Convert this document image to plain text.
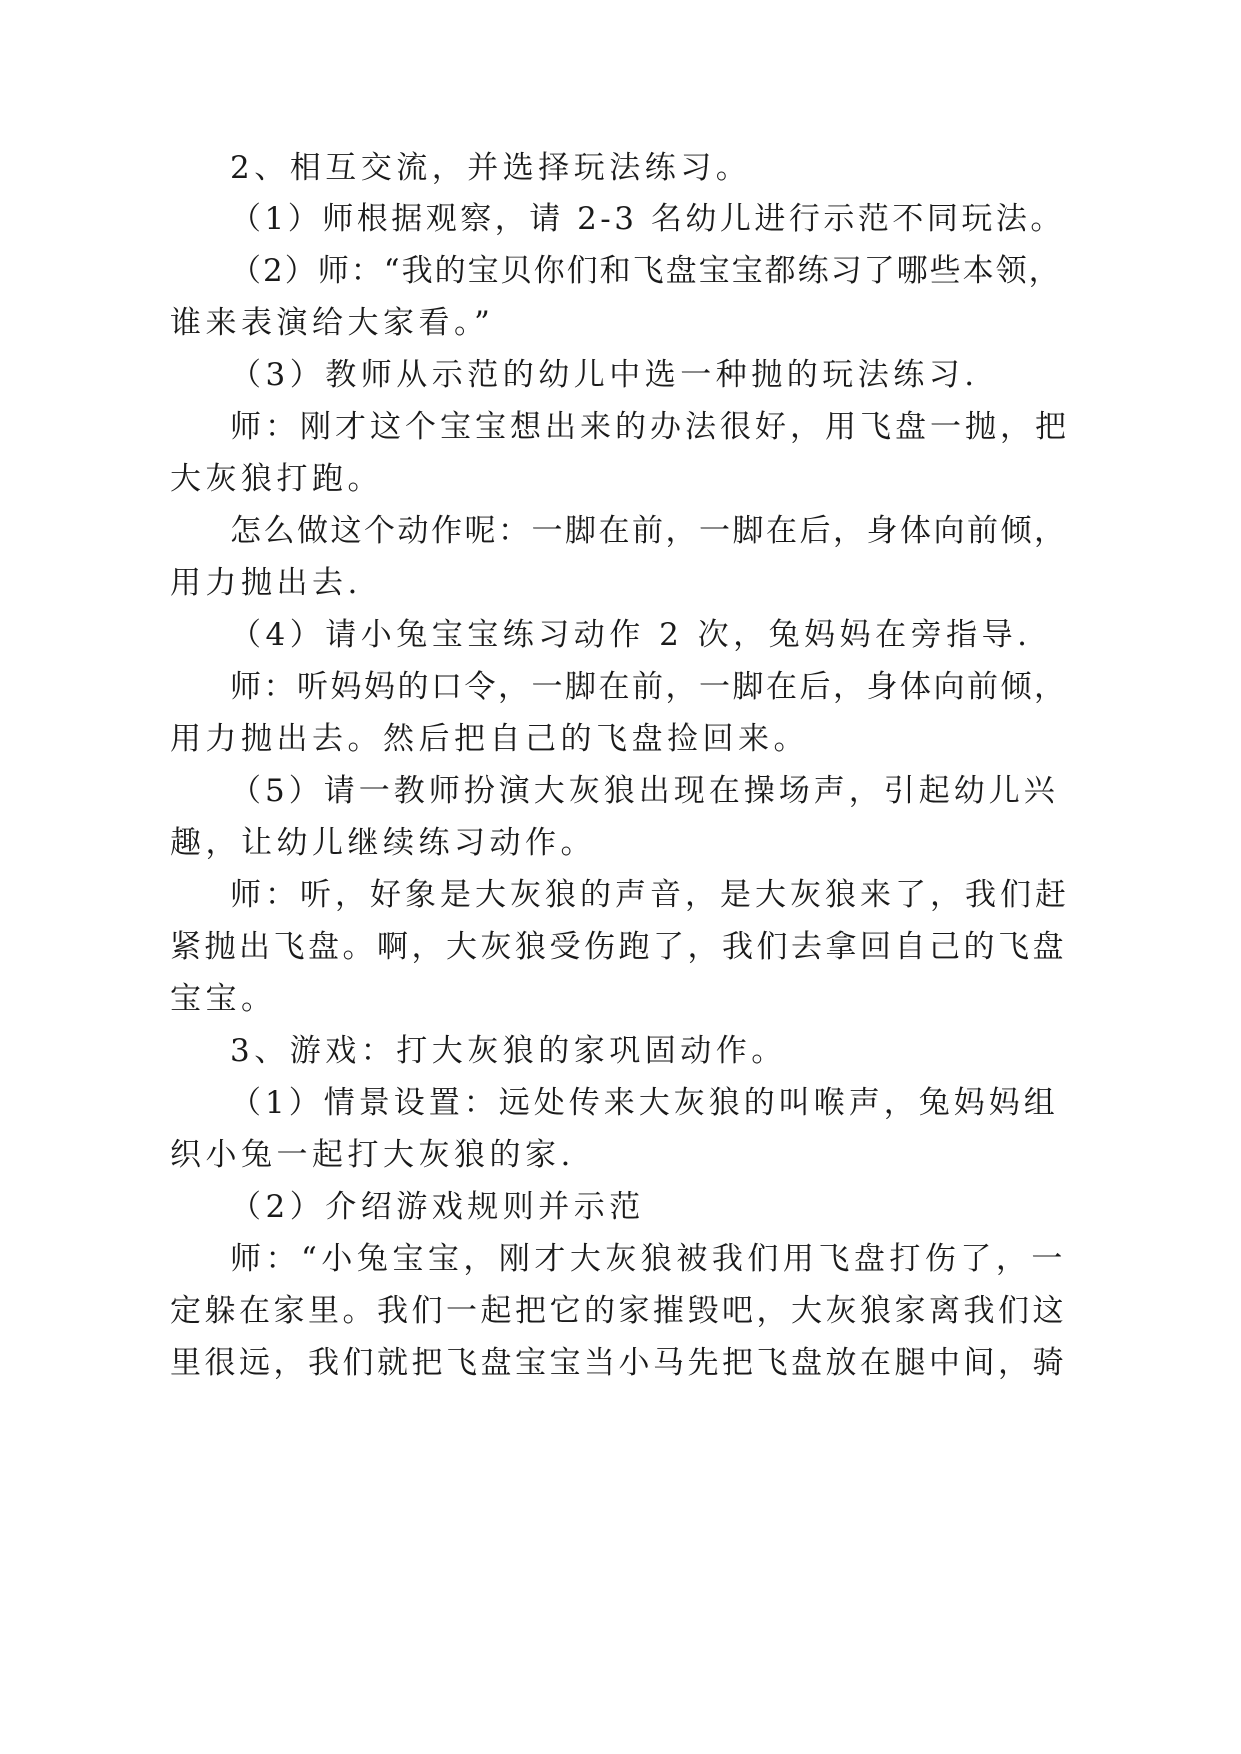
2、相互交流，并选择玩法练习。
（1）师根据观察，请 2-3 名幼儿进行示范不同玩法。
（2）师：“我的宝贝你们和飞盘宝宝都练习了哪些本领，
谁来表演给大家看。”
（3）教师从示范的幼儿中选一种抛的玩法练习.
师：刚才这个宝宝想出来的办法很好，用飞盘一抛，把
大灰狼打跑。
怎么做这个动作呢：一脚在前，一脚在后，身体向前倾，
用力抛出去.
（4）请小兔宝宝练习动作 2 次，兔妈妈在旁指导.
师：听妈妈的口令，一脚在前，一脚在后，身体向前倾，
用力抛出去。然后把自己的飞盘捡回来。
（5）请一教师扮演大灰狼出现在操场声，引起幼儿兴
趣，让幼儿继续练习动作。
师：听，好象是大灰狼的声音，是大灰狼来了，我们赶
紧抛出飞盘。啊，大灰狼受伤跑了，我们去拿回自己的飞盘
宝宝。
3、游戏：打大灰狼的家巩固动作。
（1）情景设置：远处传来大灰狼的叫喉声，兔妈妈组
织小兔一起打大灰狼的家.
（2）介绍游戏规则并示范
师：“小兔宝宝，刚才大灰狼被我们用飞盘打伤了，一
定躲在家里。我们一起把它的家摧毁吧，大灰狼家离我们这
里很远，我们就把飞盘宝宝当小马先把飞盘放在腿中间，骑
